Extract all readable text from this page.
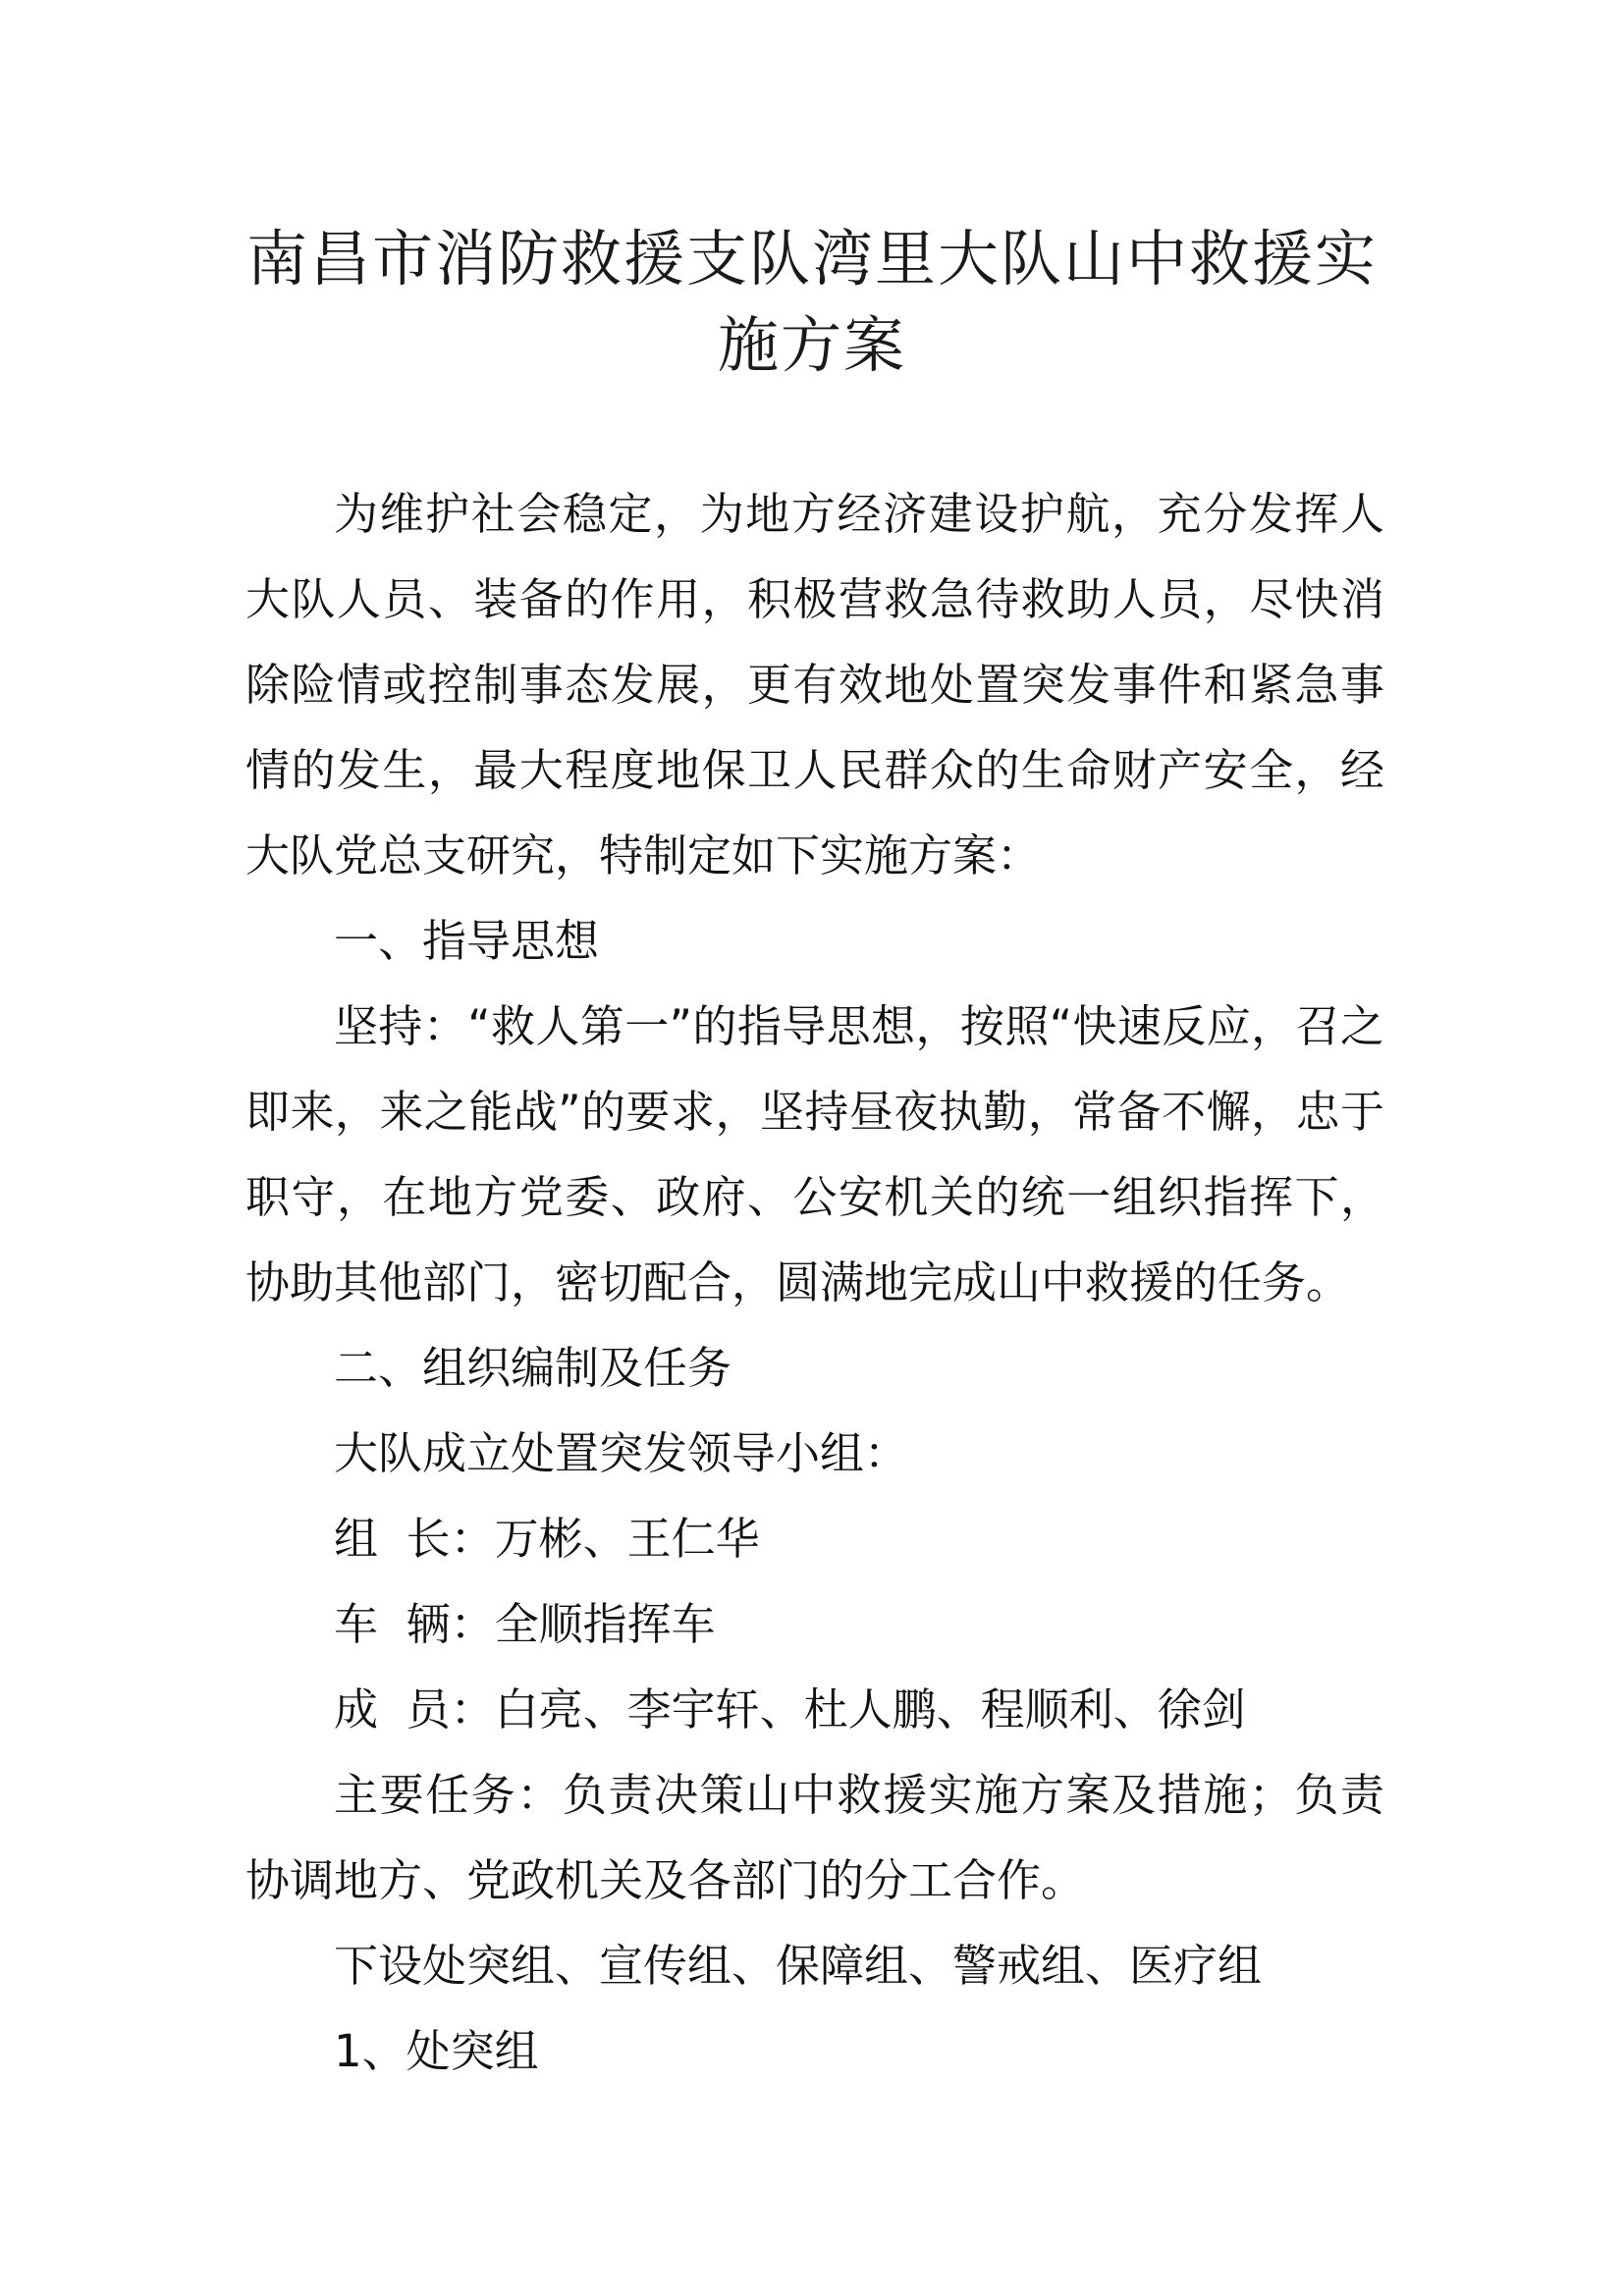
南昌市消防救援支队湾里大队山中救援实
施方案

为维护社会稳定，为地方经济建设护航，充分发挥人大队人员、装备的作用，积极营救急待救助人员，尽快消除险情或控制事态发展，更有效地处置突发事件和紧急事情的发生，最大程度地保卫人民群众的生命财产安全，经大队党总支研究，特制定如下实施方案：

一、指导思想

坚持：“救人第一”的指导思想，按照“快速反应，召之即来，来之能战”的要求，坚持昼夜执勤，常备不懈，忠于职守，在地方党委、政府、公安机关的统一组织指挥下，协助其他部门，密切配合，圆满地完成山中救援的任务。

二、组织编制及任务

大队成立处置突发领导小组：

组  长：万彬、王仁华

车  辆：全顺指挥车

成  员：白亮、李宇轩、杜人鹏、程顺利、徐剑

主要任务：负责决策山中救援实施方案及措施；负责协调地方、党政机关及各部门的分工合作。

下设处突组、宣传组、保障组、警戒组、医疗组

1、处突组
